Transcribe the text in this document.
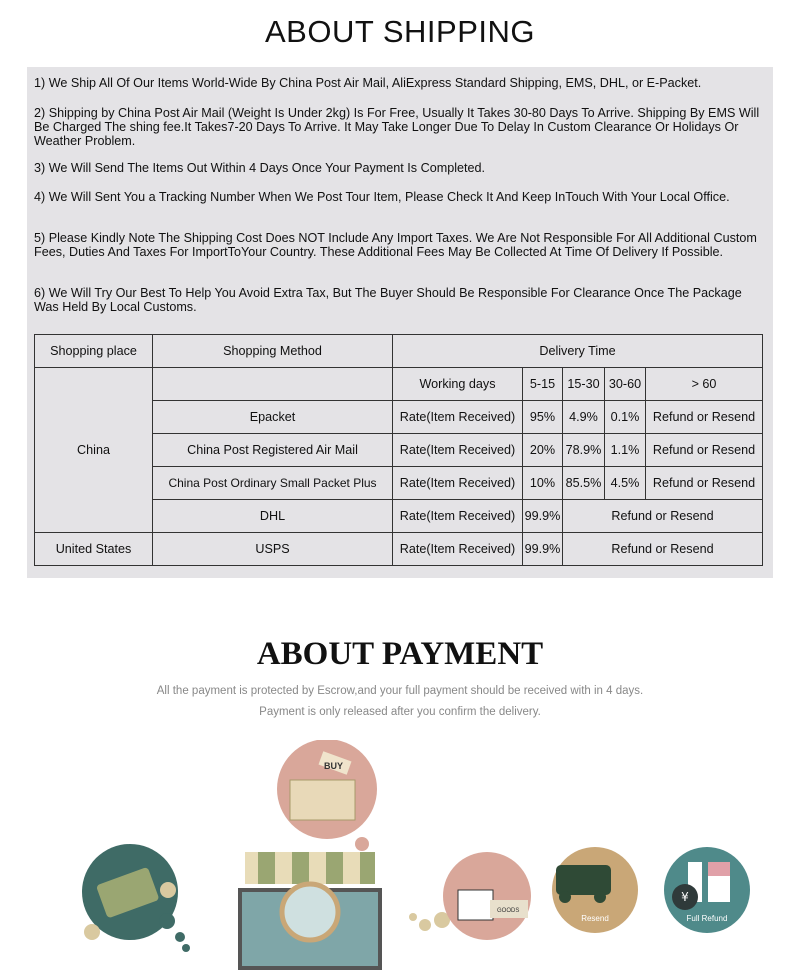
ABOUT SHIPPING
1) We Ship All Of Our Items World-Wide By China Post Air Mail, AliExpress Standard Shipping, EMS, DHL, or E-Packet.
2) Shipping by China Post Air Mail (Weight Is Under 2kg) Is For Free, Usually It Takes 30-80 Days To Arrive. Shipping By EMS Will Be Charged The shing fee.It Takes7-20 Days To Arrive. It May Take Longer Due To Delay In Custom Clearance Or Holidays Or Weather Problem.
3) We Will Send The Items Out Within 4 Days Once Your Payment Is Completed.
4) We Will Sent You a Tracking Number When We Post Tour Item, Please Check It And Keep InTouch With Your Local Office.
5) Please Kindly Note The Shipping Cost Does NOT Include Any Import Taxes. We Are Not Responsible For All Additional Custom Fees, Duties And Taxes For ImportToYour Country. These Additional Fees May Be Collected At Time Of Delivery If Possible.
6) We Will Try Our Best To Help You Avoid Extra Tax, But The Buyer Should Be Responsible For Clearance Once The Package Was Held By Local Customs.
Shopping place	Shopping Method	Delivery Time				
China		Working days	5-15	15-30	30-60	> 60
	Epacket	Rate(Item Received)	95%	4.9%	0.1%	Refund or Resend
	China Post Registered Air Mail	Rate(Item Received)	20%	78.9%	1.1%	Refund or Resend
	China Post Ordinary Small Packet Plus	Rate(Item Received)	10%	85.5%	4.5%	Refund or Resend
	DHL	Rate(Item Received)	99.9%	Refund or Resend		
United States	USPS	Rate(Item Received)	99.9%	Refund or Resend		
ABOUT PAYMENT
All the payment is protected by Escrow,and your full payment should be received with in 4 days.
Payment is only released after you confirm the delivery.
BUY
GOODS
Resend
¥
Full Refund
